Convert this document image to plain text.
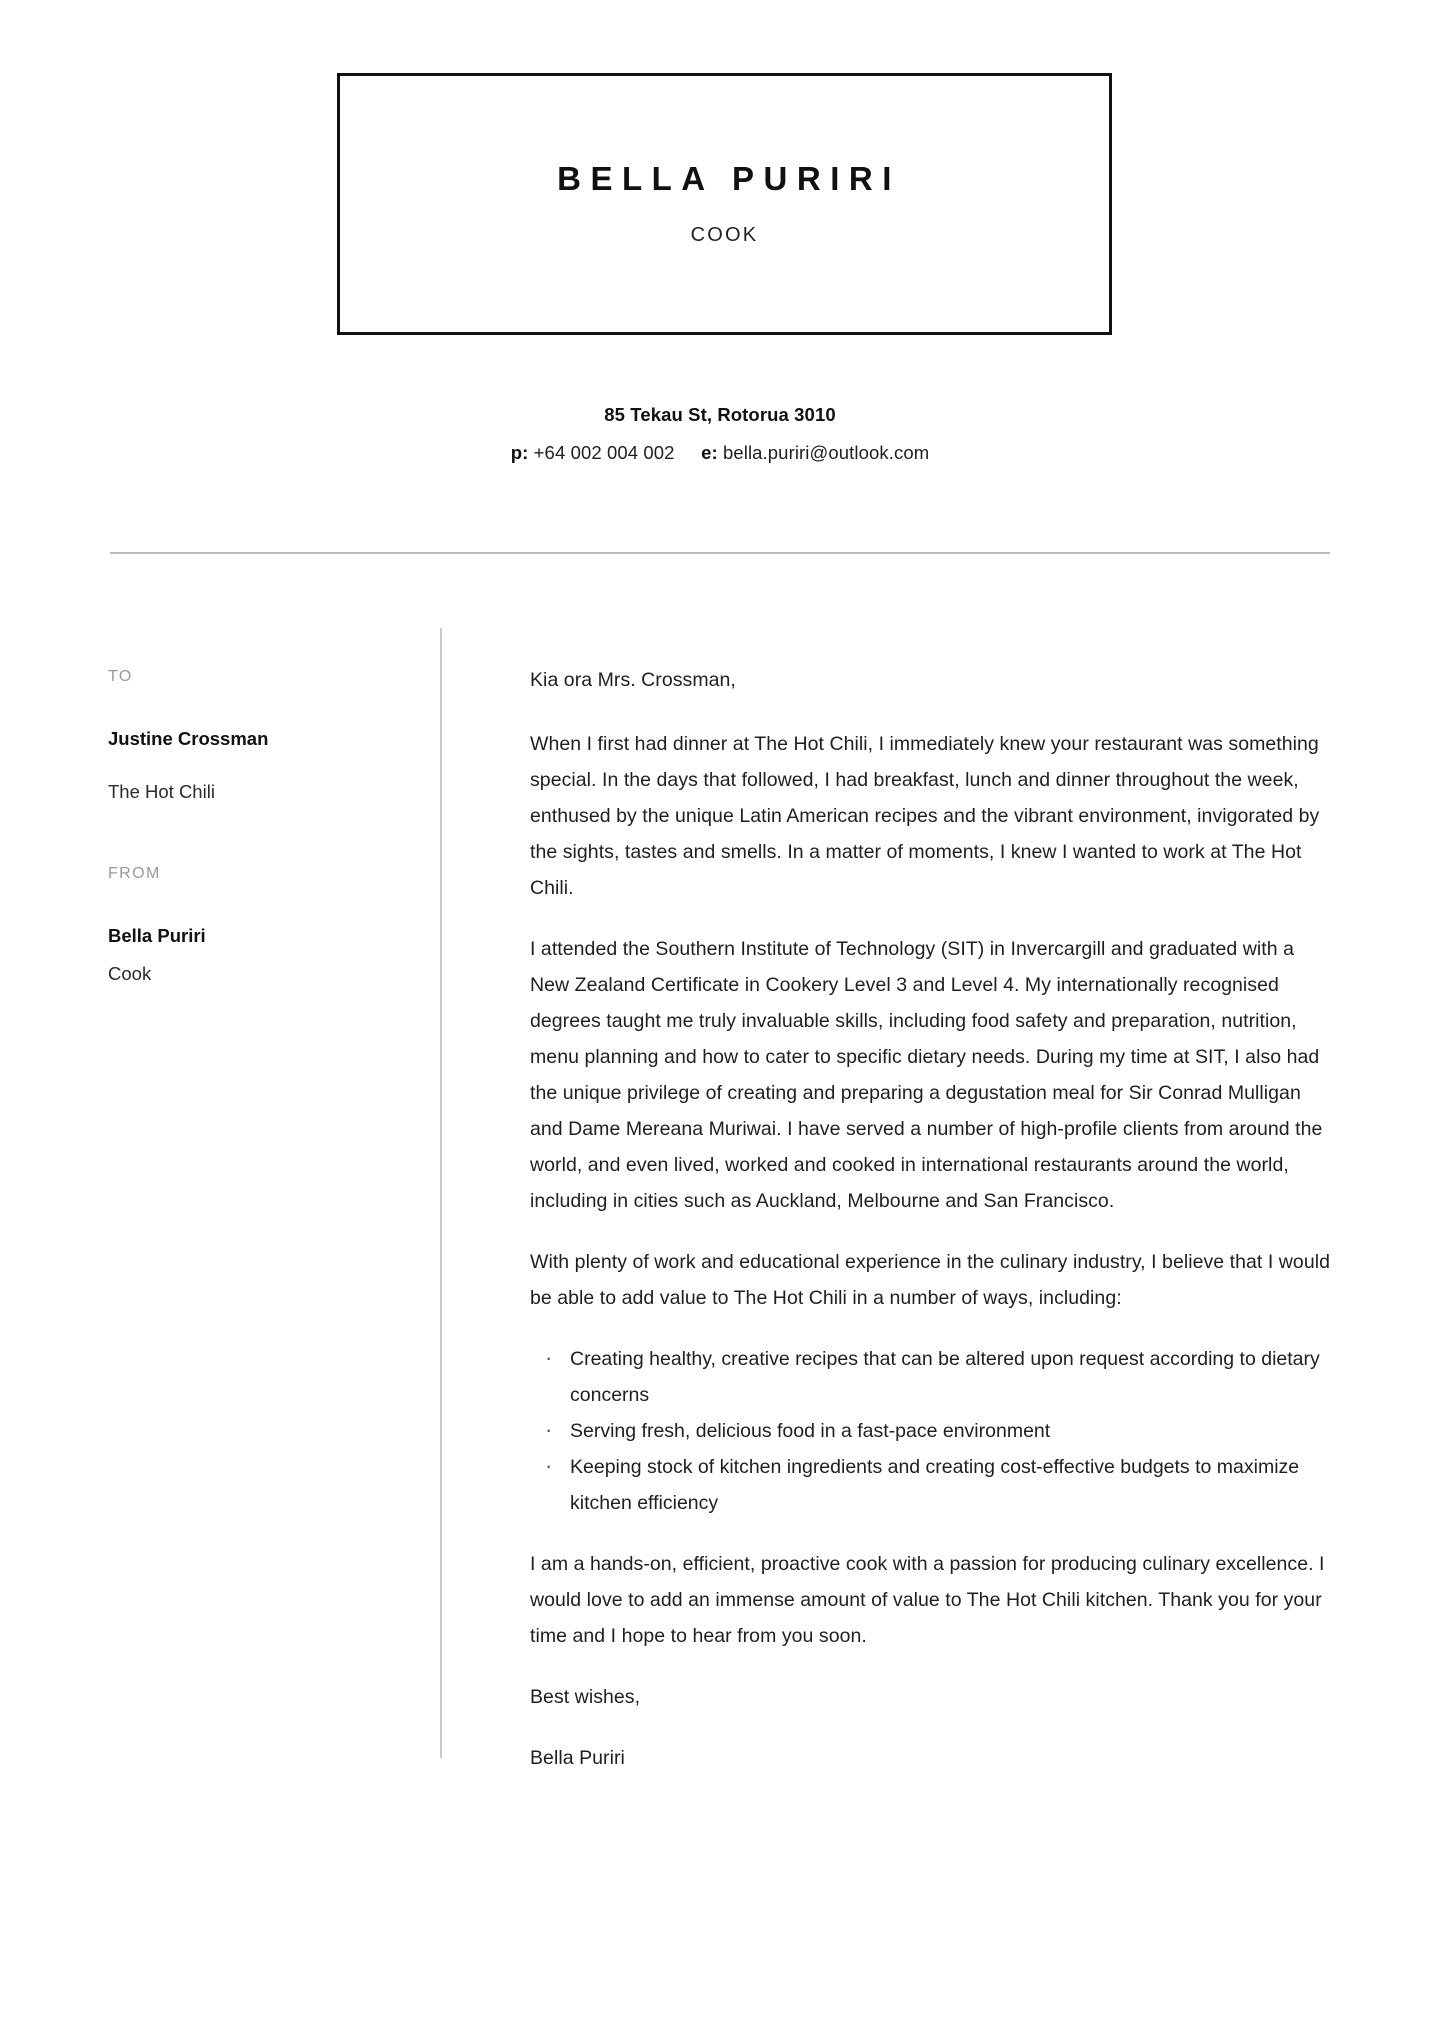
BELLA PURIRI
COOK
85 Tekau St, Rotorua 3010
p: +64 002 004 002 e: bella.puriri@outlook.com
TO
Justine Crossman
The Hot Chili
FROM
Bella Puriri
Cook

Kia ora Mrs. Crossman,

When I first had dinner at The Hot Chili, I immediately knew your restaurant was something special. In the days that followed, I had breakfast, lunch and dinner throughout the week, enthused by the unique Latin American recipes and the vibrant environment, invigorated by the sights, tastes and smells. In a matter of moments, I knew I wanted to work at The Hot Chili.

I attended the Southern Institute of Technology (SIT) in Invercargill and graduated with a New Zealand Certificate in Cookery Level 3 and Level 4. My internationally recognised degrees taught me truly invaluable skills, including food safety and preparation, nutrition, menu planning and how to cater to specific dietary needs. During my time at SIT, I also had the unique privilege of creating and preparing a degustation meal for Sir Conrad Mulligan and Dame Mereana Muriwai. I have served a number of high-profile clients from around the world, and even lived, worked and cooked in international restaurants around the world, including in cities such as Auckland, Melbourne and San Francisco.

With plenty of work and educational experience in the culinary industry, I believe that I would be able to add value to The Hot Chili in a number of ways, including:

· Creating healthy, creative recipes that can be altered upon request according to dietary concerns
· Serving fresh, delicious food in a fast-pace environment
· Keeping stock of kitchen ingredients and creating cost-effective budgets to maximize kitchen efficiency

I am a hands-on, efficient, proactive cook with a passion for producing culinary excellence. I would love to add an immense amount of value to The Hot Chili kitchen. Thank you for your time and I hope to hear from you soon.

Best wishes,

Bella Puriri
